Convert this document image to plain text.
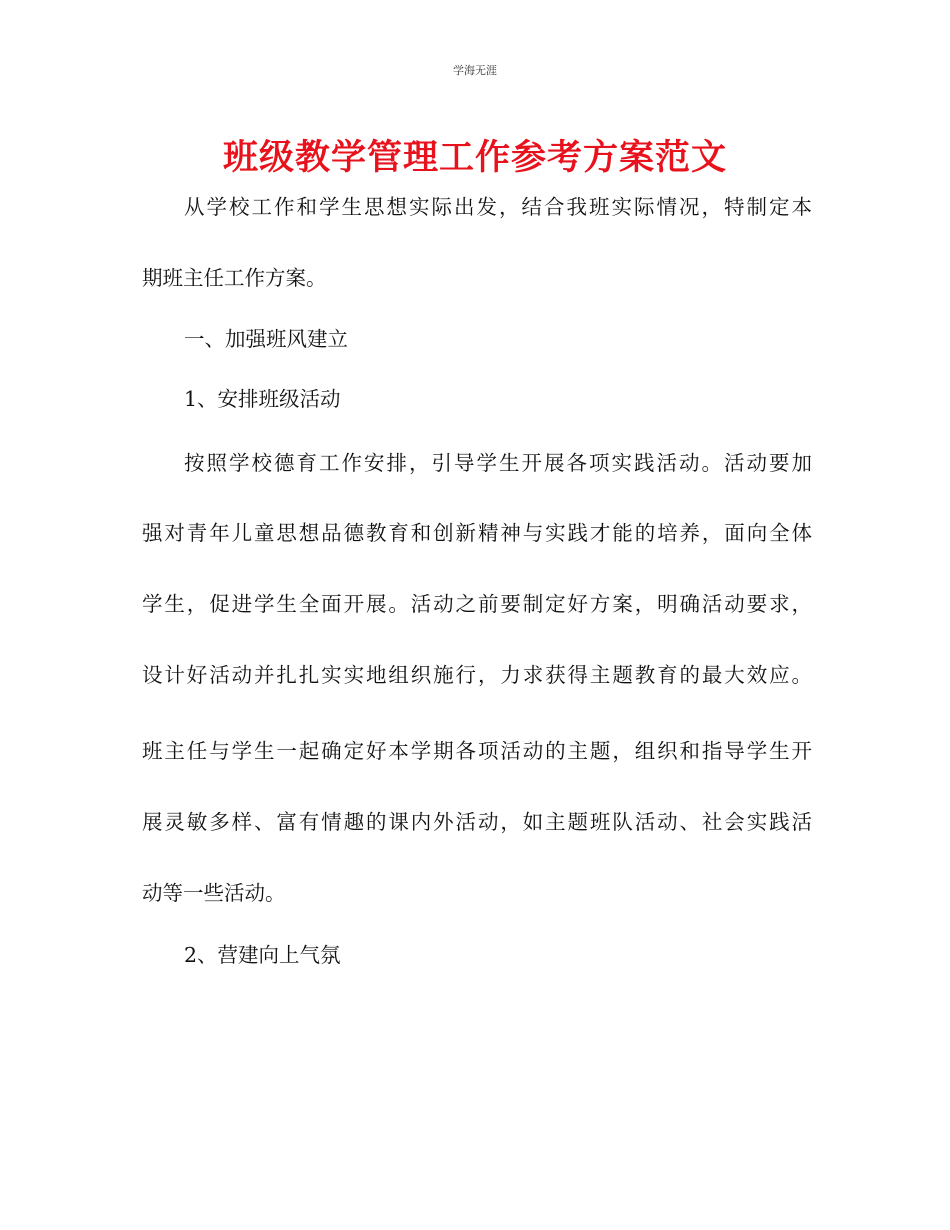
学海无涯
班级教学管理工作参考方案范文
从学校工作和学生思想实际出发，结合我班实际情况，特制定本
期班主任工作方案。
一、加强班风建立
1、安排班级活动
按照学校德育工作安排，引导学生开展各项实践活动。活动要加
强对青年儿童思想品德教育和创新精神与实践才能的培养，面向全体
学生，促进学生全面开展。活动之前要制定好方案，明确活动要求，
设计好活动并扎扎实实地组织施行，力求获得主题教育的最大效应。
班主任与学生一起确定好本学期各项活动的主题，组织和指导学生开
展灵敏多样、富有情趣的课内外活动，如主题班队活动、社会实践活
动等一些活动。
2、营建向上气氛
